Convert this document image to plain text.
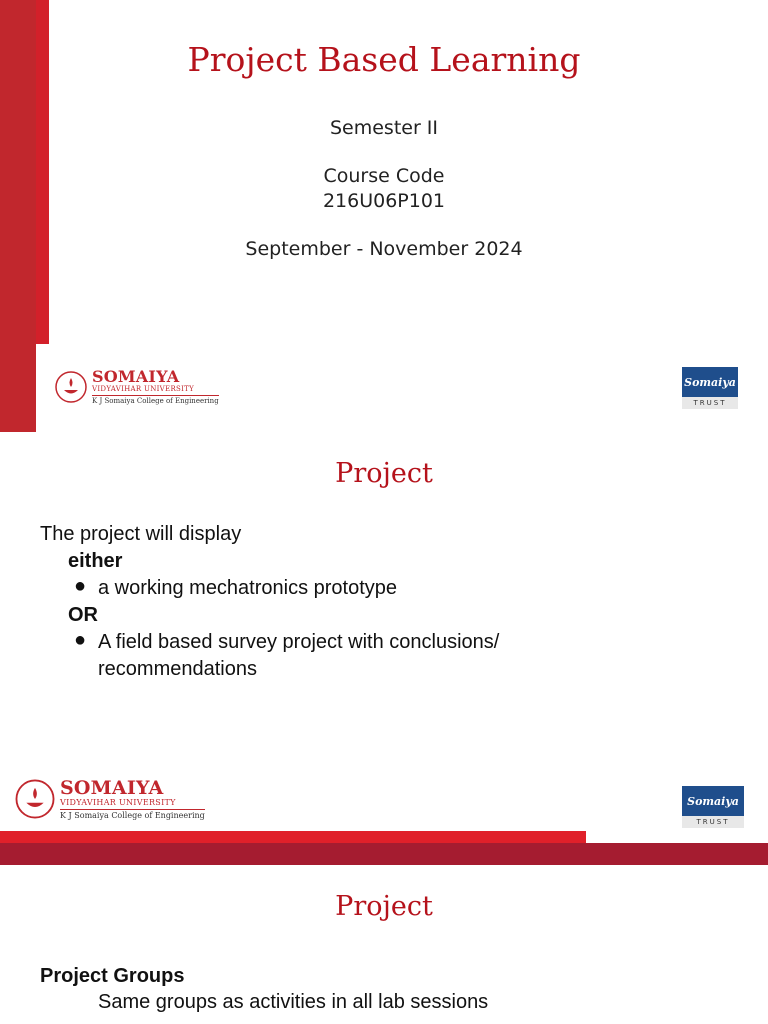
Project Based Learning
Semester II
Course Code
216U06P101
September - November 2024
SOMAIYA
VIDYAVIHAR UNIVERSITY
K J Somaiya College of Engineering
Somaiya
TRUST
Project
The project will display
either
● a working mechatronics prototype
OR
● A field based survey project with conclusions/ recommendations
SOMAIYA
VIDYAVIHAR UNIVERSITY
K J Somaiya College of Engineering
Somaiya
TRUST
Project
Project Groups
Same groups as activities in all lab sessions
